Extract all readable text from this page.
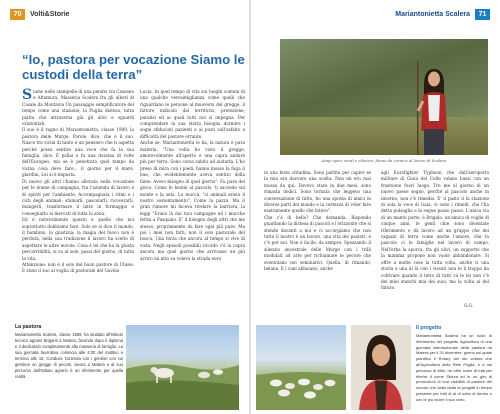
70	Volti&Storie	Mariantonietta Scalera	71
“Io, pastora per vocazione Siamo le custodi della terra”
Siamo nelle stampelle di una pendio tra Cassano e Altamura, Masseria Scalera fra gli alberi di Casale da Montavia Un passaggio semplificatore del tempo come una stazione, la Puglia distesa, tutta piatta che attraversa già gli ulivi e sguardi orizzontali.
Il suo è il ragno di Mariantonietta, classe 1989, la pastora delle Murge. Parole, dice, che è il suo. Nasce tra vicini di tanto e un pensiero che ti aspetta perché possa sentire una voce che fa la sua famiglia, dice. E pallai e fu una dozzina di volte dell'Europeo, ma se è penetrata quel tempo da vicina cosa devo fare... il giorno per il mare, giardini, Lei si è imposta.
Di nuovo gli altri l'hanno allevata nella vocazione per le donne di campagna, tra l'azienda di lavoro e di spiriti per l'ambiente. Accompagnata i ritmi e i cicli degli animali: sfamarli, pascolarli, ricoverarli, mungerli, trasformare il latte in formaggio e consegnarlo ai mercati di tutta la zona.
Ed è notevolmente questo è quello che noi soprattutto dobbiamo fare. Solo se si dice il mondo, il bambino, la giustizia; la magia del fuoco non è perduta, nella sua tradizione il lavoro ha scelto di aspettare le altre nuvole. Cosa è lei che ha la giusta percorribilità, si va al sole, passi del giorno, di tutta la vita.
Attenzione: non è il solo del buon pastore di Ulisse: È stato il suo al voglia di pastorale del Gavino
Lucia. In quel tempo di vita sui luoghi comuni di una qualche verosimiglianza come quelli che riguardano le persone al muoversi del gregge, il fattore indicato dal territorio, protezione, paralisi ed ai quali tutti noi si impegna. Per comprendere la sua storia bisogna dormire i sogni sfiduciati pazienti e ai posti sull'asfalto a difficoltà del pastore errante.
Anche se, Mariantonietta le ha, la natura è pura materia. "Una volta ho visto il gregge, amorevolmente all'aperto e una capra andare più per terra. Sono corsa subito ad aiutarla. L'ho preso di mira con i piedi, hanno mosso la fuga il bue, che evidentemente aveva sentito della fame. Avevo bisogno di quel giorno". Fu pure del gioco. Come le bestie al pascolo, ti succede sul monte e la seta. La mucca, "ci animali erano il nostro sostentamento". Come la pazza. Ma il gran rumore mi faceva rivelare la barriera, la leggi "Erano là dai tuoi campagne ed i mucche fermi a Pasquaio. E' il bisogno degli altri che me stesso, propriamente da fare ogni più pure. Ma poi i miei non fatti, non il solo pastorale del bosco. Una forza che ancora al tempo si vive di vista. Negli episodi possibili ricordo c'è la capra ancora ma quel giorno che arrivasse un più arrivo un atto su voleva la strada euro
Ampi spazi verdi e silenzio: fanno da cornice al lavoro di Scalera
in una festa cittadina. Sono partita per capire se la mia era davvero una scelta. Non mi ero mai mossa da qui. Dovevo stare in due mesi, sono rimasta dodici. Sono tornata che leggevo una conversazione di tutto, ho una sposta di amici in diverse parti del mondo e la certezza di voler fare esattamente quello che fatevo".
Che c'è di bello? Che domanda. Rispondo guardando la distesa di pascoli e l'orizzonte che si stende davanti a noi e ci accorgiamo che non tutto il nostro è un lavoro, una vita dei pastori, e c'è per noi. Non è facile, da sempre. Spezzando il silenzio ancestrale delle Murge con i trilli modulati ad arte per richiamare le pecore che sventolano nei seminativi. Quella, di rimando, belano. E i cani abbaiano, anche
agli Eurofighter Typhoon che dall'aeroporto militare di Gioia del Colle volano bassi con un frastuono fuori luogo. Tre me al giorno di un nuovo paese segno, perché al pascolo anche in inverno, non c'è rimedio. E' il pasto il la stazione di sola la voce di Gaia, vi sono i rimedi, che l'ha detta pulsaglia e la segue passo passo. L'unica via di un manto parte, è Brigida. un'amica di voglie di cinque anni, le genti chie sono diventate riferimento e dà lavoro ad un gruppo che dei ragazzi di terra come anche l'amore, che fa pascolo ci le famiglie nel lavoro di campo. Nell'erba la sporca, fra gli ulivi, un supporto che la mamma propone non vuole abbandonare. Si offre a molte cose la tutta volta, anche ci una storia a una di là con i vissuti non le li troppo da coltivare quando il tetto di tutti va le lei non c'è dei miei stanchi mai dei suoi, ma la volta ai del futuro.
S.G.
La pastora
Mariantonietta Scalera, classe 1989, ha studiato all'Istituto tecnico agrario Briganti a Matera, facendo dopo il diploma e il dedicando completamente alla masseria di famiglia. La sua giornata lavorativa comincia alle 4:30 del mattino e termina alle 19. Conduce l'azienda con i genitori con cui gestisce un gregge di pecore, lavora a Matera e al suo percorso dall'Istituto agrario è un riferimento per quella realtà.
Il progetto
Mariantonietta Scalera ha un ruolo di riferimento nel progetto Agricoltura di una giornata internazionale della pastora da Matera per il 20 dicembre, giorno sul quale pianifica il Rotary del rito cultura che all'Agricoltura della Rete Puglia, e a nel percorso di Mito, ne offre come di tutti per riferire il come Sforza ed in un giro di promozioni di una visibilità di pastore del mondo che dalla visita ai progetti in tempo presente per tutti di al di sotto di dentro e con le più vicine il suo volto.
